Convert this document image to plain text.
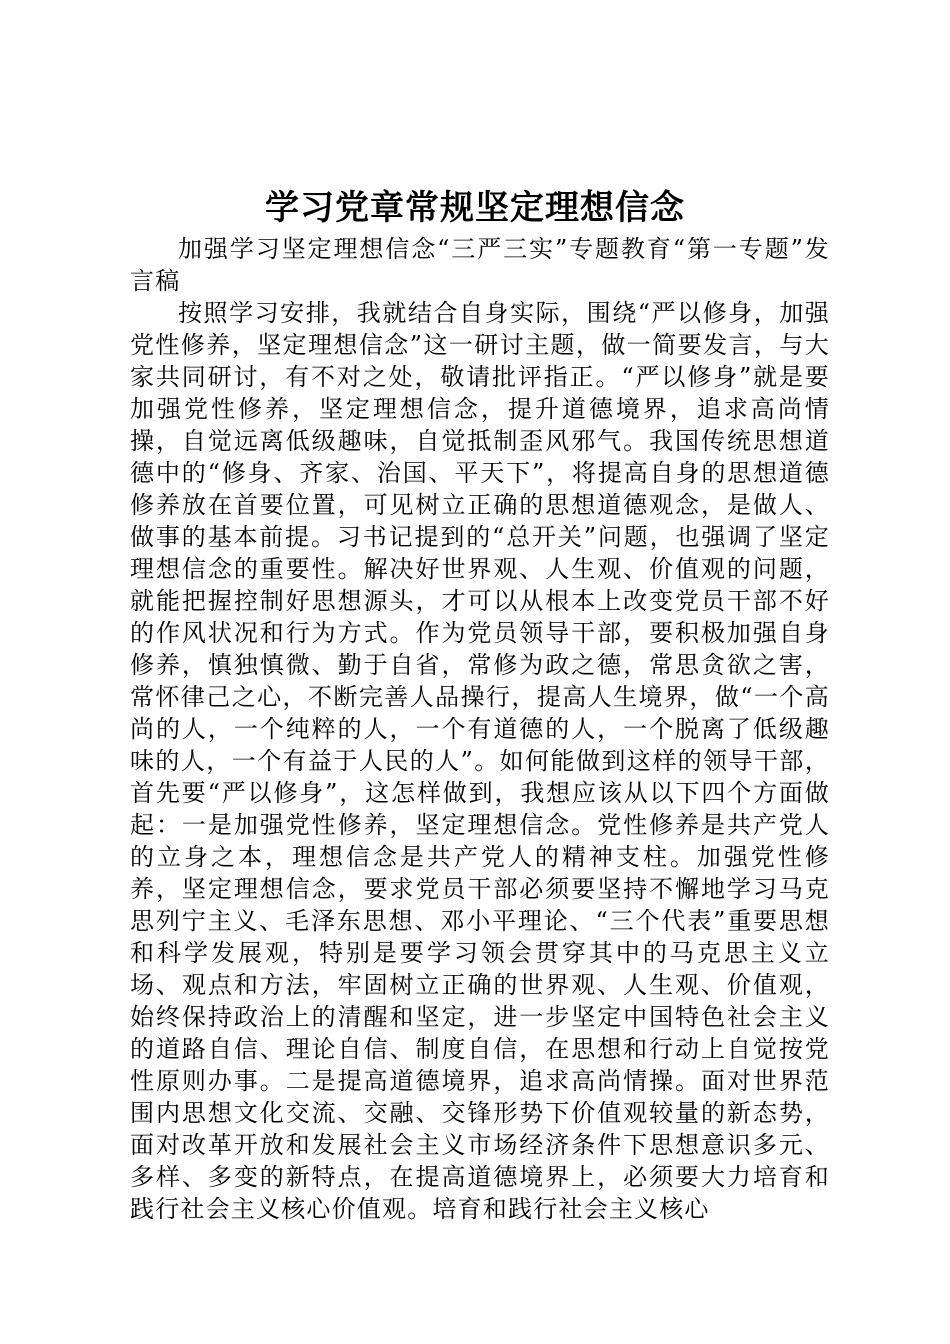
学习党章常规坚定理想信念

加强学习坚定理想信念“三严三实”专题教育“第一专题”发言稿

按照学习安排，我就结合自身实际，围绕“严以修身，加强党性修养，坚定理想信念”这一研讨主题，做一简要发言，与大家共同研讨，有不对之处，敬请批评指正。“严以修身”就是要加强党性修养，坚定理想信念，提升道德境界，追求高尚情操，自觉远离低级趣味，自觉抵制歪风邪气。我国传统思想道德中的“修身、齐家、治国、平天下”，将提高自身的思想道德修养放在首要位置，可见树立正确的思想道德观念，是做人、做事的基本前提。习书记提到的“总开关”问题，也强调了坚定理想信念的重要性。解决好世界观、人生观、价值观的问题，就能把握控制好思想源头，才可以从根本上改变党员干部不好的作风状况和行为方式。作为党员领导干部，要积极加强自身修养，慎独慎微、勤于自省，常修为政之德，常思贪欲之害，常怀律己之心，不断完善人品操行，提高人生境界，做“一个高尚的人，一个纯粹的人，一个有道德的人，一个脱离了低级趣味的人，一个有益于人民的人”。如何能做到这样的领导干部，首先要“严以修身”，这怎样做到，我想应该从以下四个方面做起：一是加强党性修养，坚定理想信念。党性修养是共产党人的立身之本，理想信念是共产党人的精神支柱。加强党性修养，坚定理想信念，要求党员干部必须要坚持不懈地学习马克思列宁主义、毛泽东思想、邓小平理论、“三个代表”重要思想和科学发展观，特别是要学习领会贯穿其中的马克思主义立场、观点和方法，牢固树立正确的世界观、人生观、价值观，始终保持政治上的清醒和坚定，进一步坚定中国特色社会主义的道路自信、理论自信、制度自信，在思想和行动上自觉按党性原则办事。二是提高道德境界，追求高尚情操。面对世界范围内思想文化交流、交融、交锋形势下价值观较量的新态势，面对改革开放和发展社会主义市场经济条件下思想意识多元、多样、多变的新特点，在提高道德境界上，必须要大力培育和践行社会主义核心价值观。培育和践行社会主义核心
